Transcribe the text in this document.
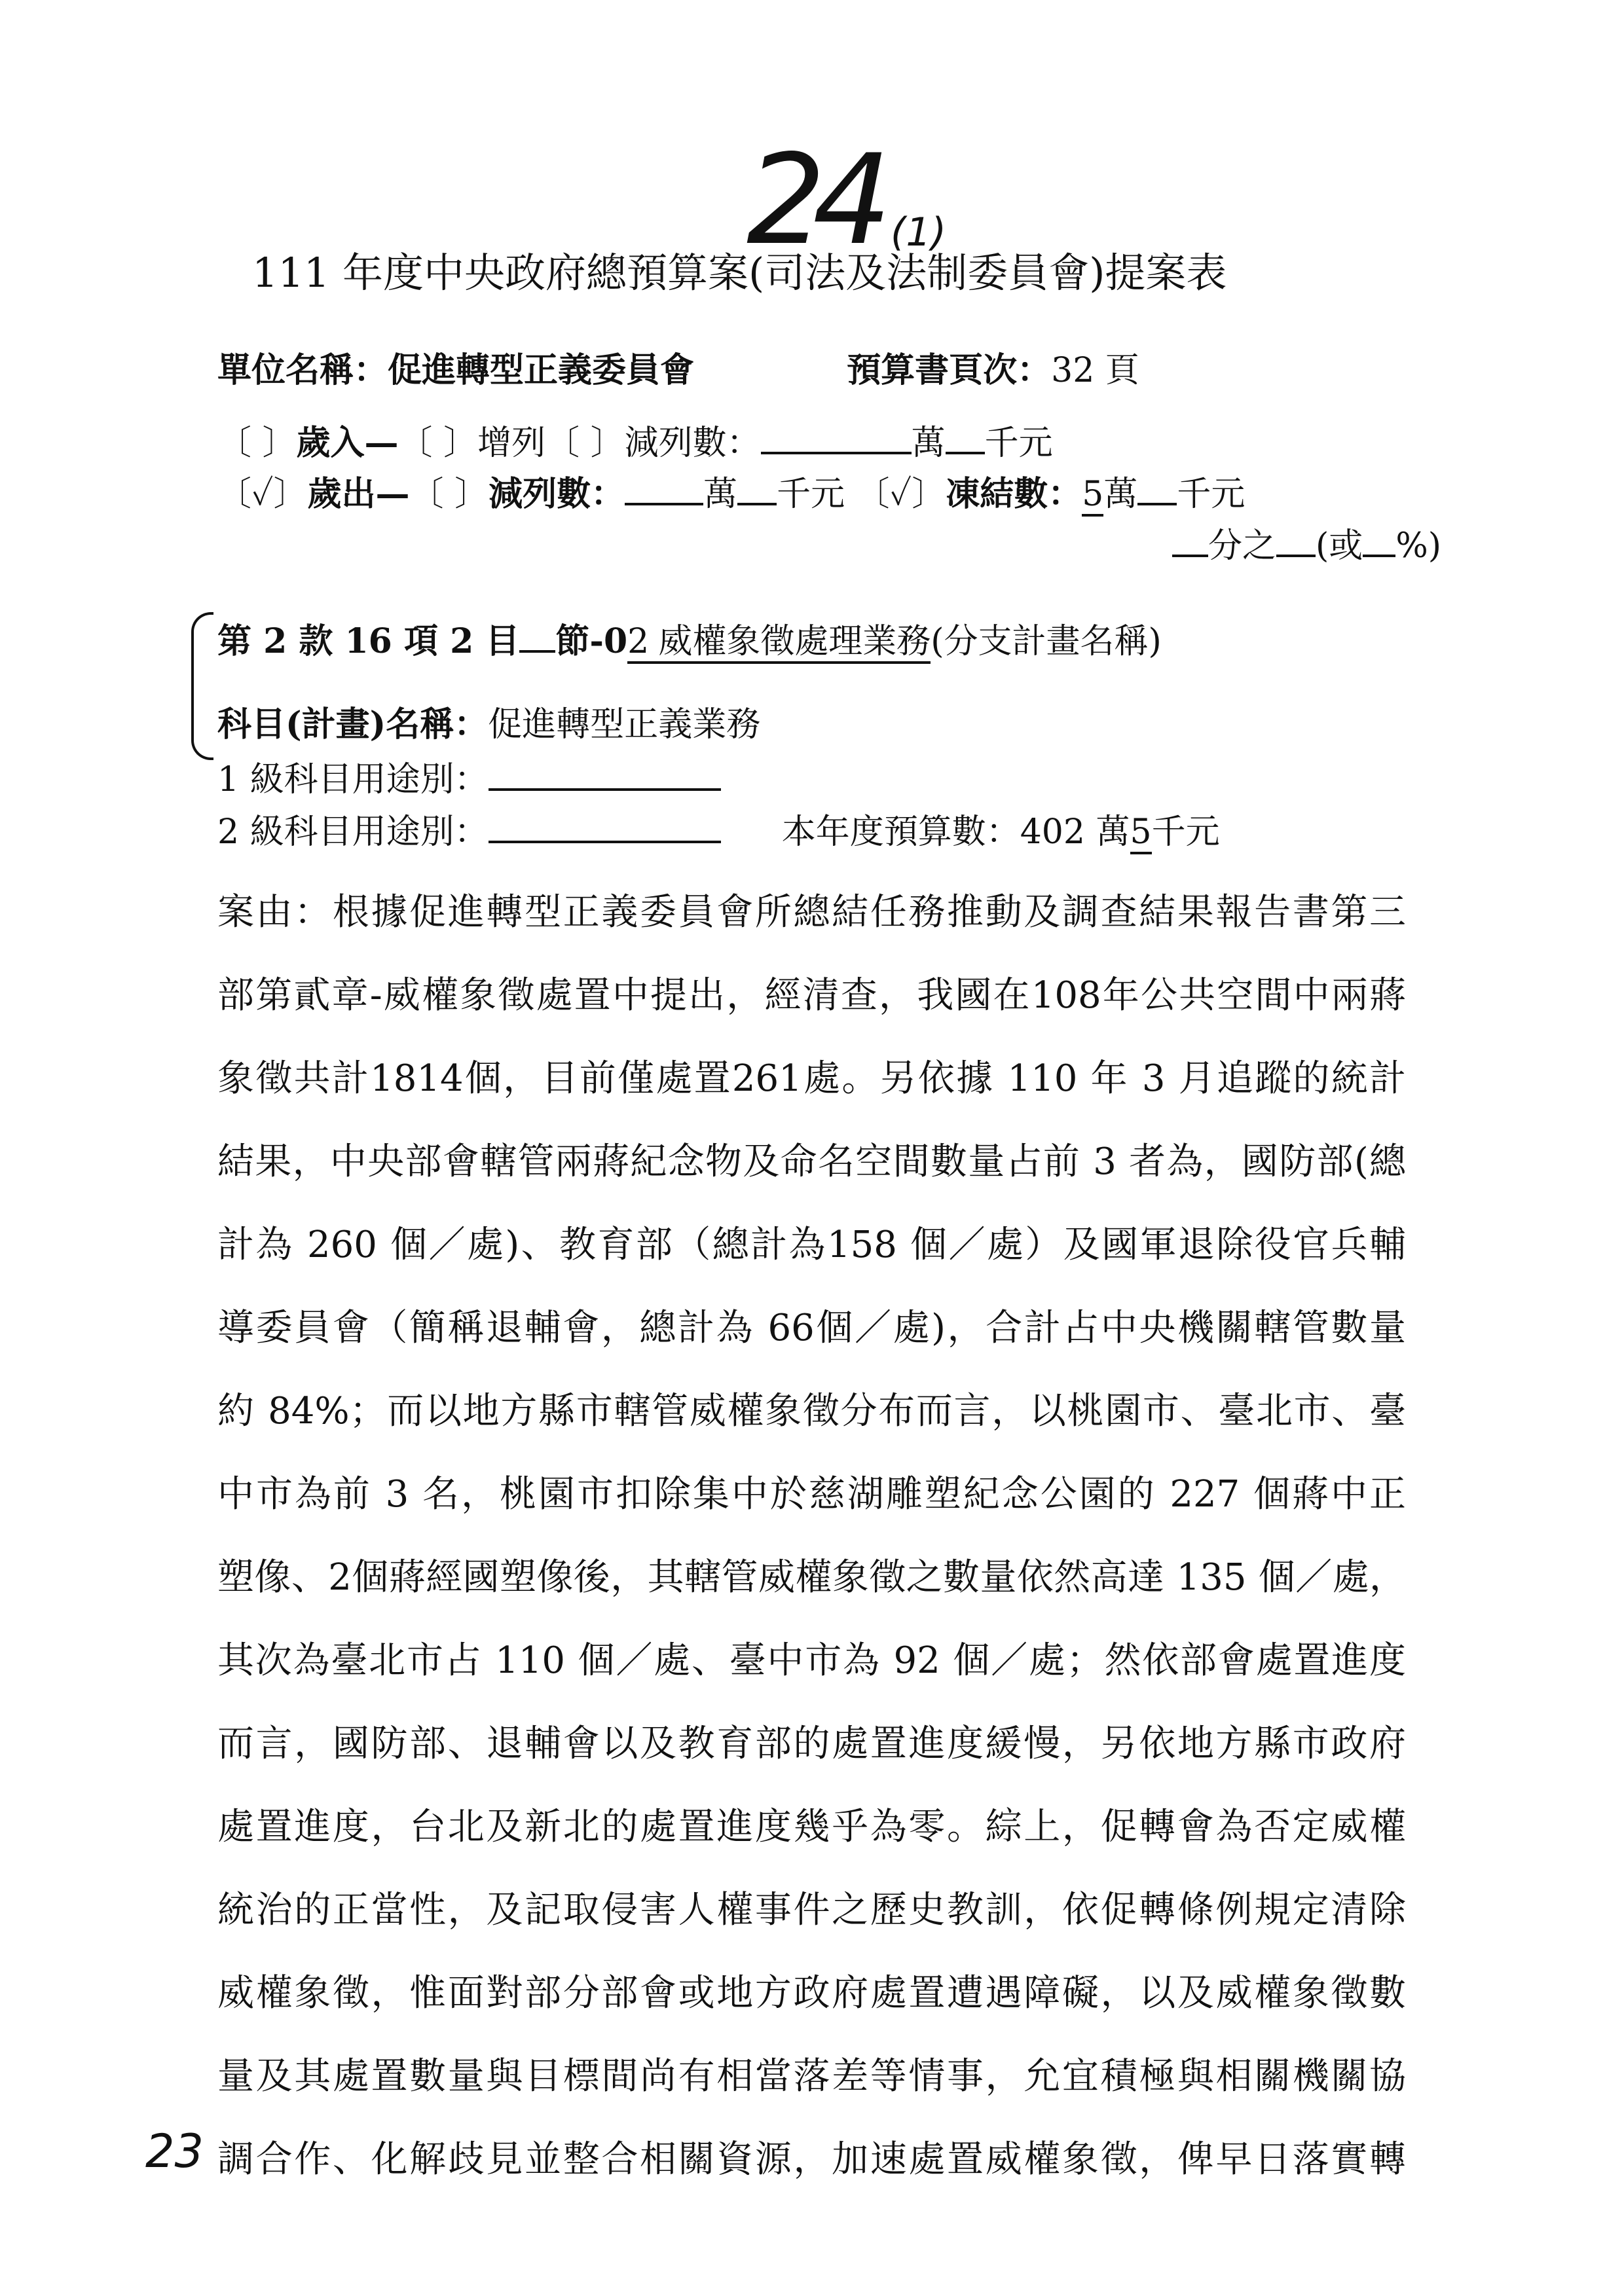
24 (1)
111 年度中央政府總預算案(司法及法制委員會)提案表
單位名稱：促進轉型正義委員會	預算書頁次：32 頁
〔 〕歲入—〔 〕增列〔 〕減列數：	萬 千元
〔✓〕歲出—〔 〕減列數： 萬 千元 〔✓〕凍結數：5萬 千元
分之 (或 %)
第 2 款 16 項 2 目 節-02 威權象徵處理業務(分支計畫名稱)
科目(計畫)名稱：促進轉型正義業務
1 級科目用途別：
2 級科目用途別：	本年度預算數：402 萬5千元
案由：根據促進轉型正義委員會所總結任務推動及調查結果報告書第三
部第貳章-威權象徵處置中提出，經清查，我國在108年公共空間中兩蔣
象徵共計1814個，目前僅處置261處。另依據 110 年 3 月追蹤的統計
結果，中央部會轄管兩蔣紀念物及命名空間數量占前 3 者為，國防部(總
計為 260 個／處)、教育部（總計為158 個／處）及國軍退除役官兵輔
導委員會（簡稱退輔會，總計為 66個／處)，合計占中央機關轄管數量
約 84%；而以地方縣市轄管威權象徵分布而言，以桃園市、臺北市、臺
中市為前 3 名，桃園市扣除集中於慈湖雕塑紀念公園的 227 個蔣中正
塑像、2個蔣經國塑像後，其轄管威權象徵之數量依然高達 135 個／處，
其次為臺北市占 110 個／處、臺中市為 92 個／處；然依部會處置進度
而言，國防部、退輔會以及教育部的處置進度緩慢，另依地方縣市政府
處置進度，台北及新北的處置進度幾乎為零。綜上，促轉會為否定威權
統治的正當性，及記取侵害人權事件之歷史教訓，依促轉條例規定清除
威權象徵，惟面對部分部會或地方政府處置遭遇障礙，以及威權象徵數
量及其處置數量與目標間尚有相當落差等情事，允宜積極與相關機關協
調合作、化解歧見並整合相關資源，加速處置威權象徵，俾早日落實轉
23
